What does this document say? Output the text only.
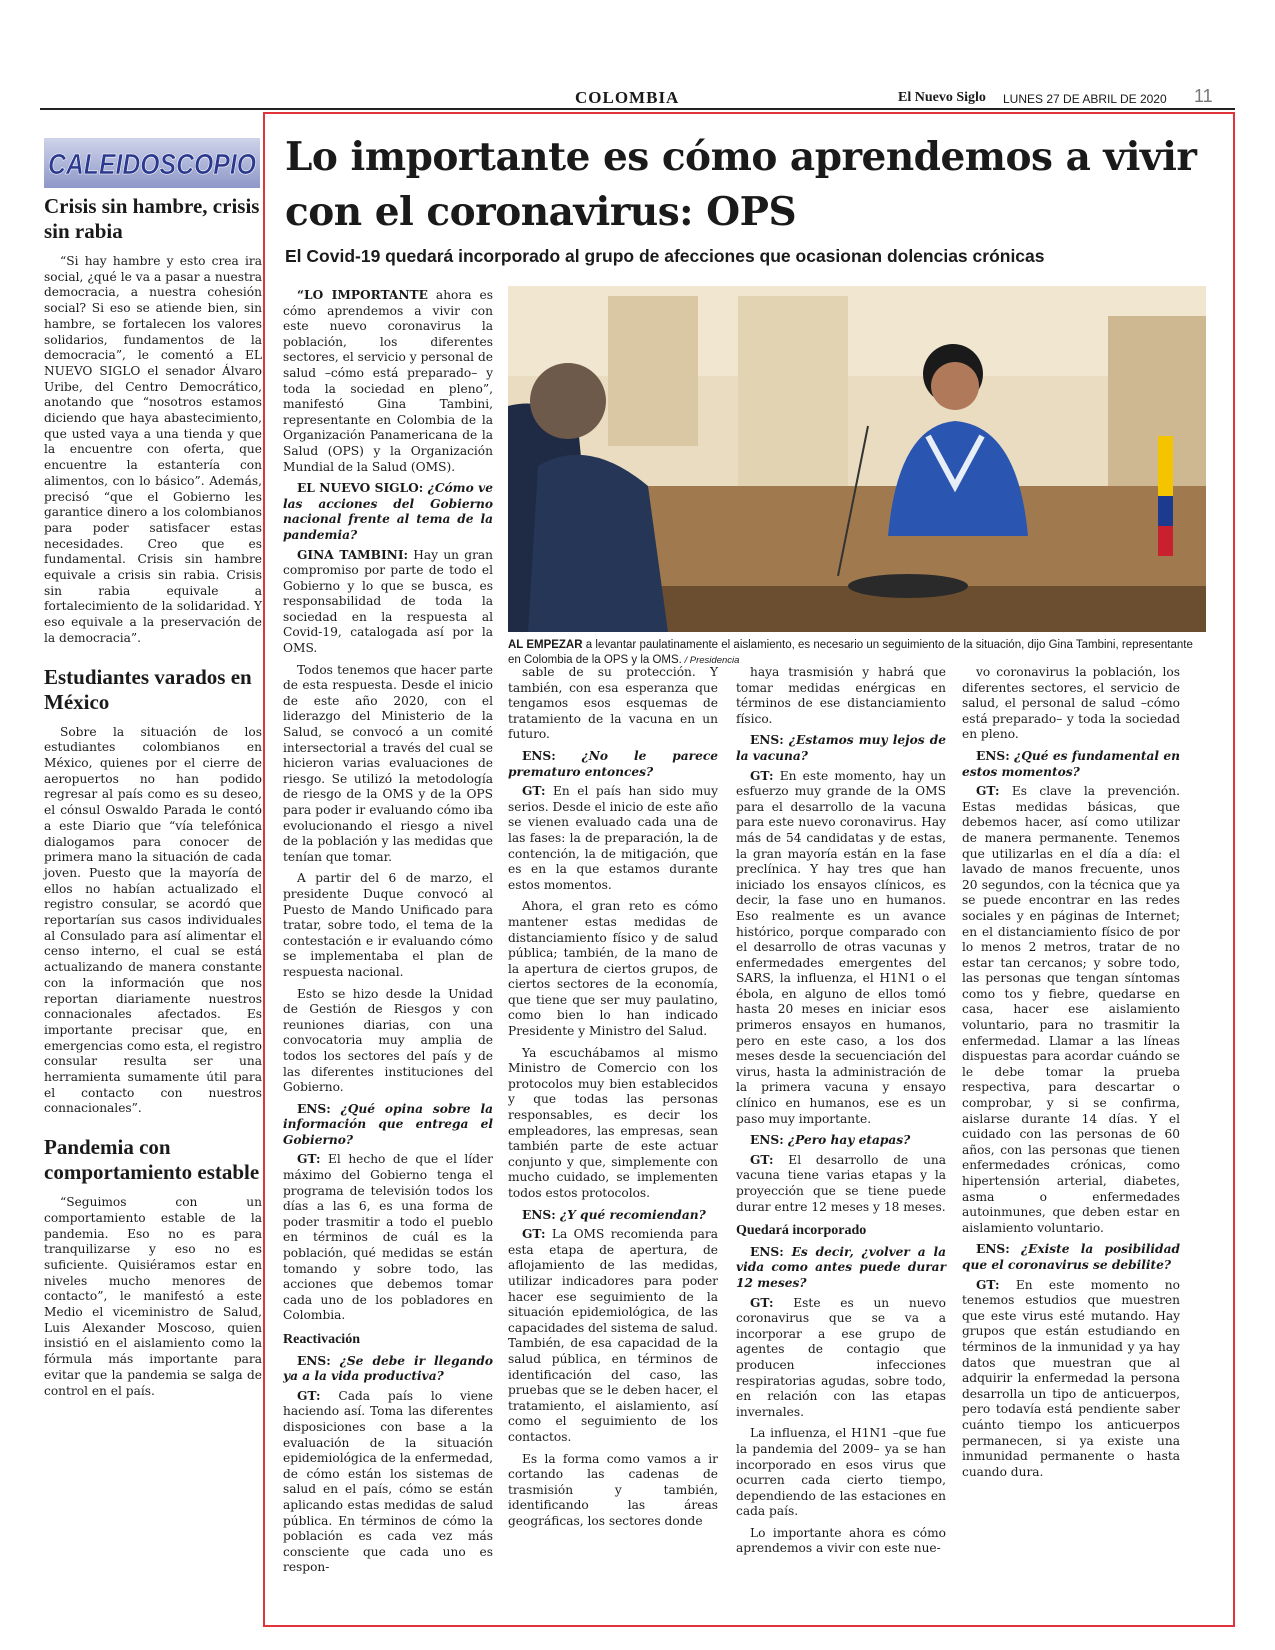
COLOMBIA	El Nuevo Siglo LUNES 27 DE ABRIL DE 2020 11
CALEIDOSCOPIO
Crisis sin hambre, crisis sin rabia

“Si hay hambre y esto crea ira social, ¿qué le va a pasar a nuestra democracia, a nuestra cohesión social? Si eso se atiende bien, sin hambre, se fortalecen los valores solidarios, fundamentos de la democracia”, le comentó a EL NUEVO SIGLO el senador Álvaro Uribe, del Centro Democrático, anotando que “nosotros estamos diciendo que haya abastecimiento, que usted vaya a una tienda y que la encuentre con oferta, que encuentre la estantería con alimentos, con lo básico”. Además, precisó “que el Gobierno les garantice dinero a los colombianos para poder satisfacer estas necesidades. Creo que es fundamental. Crisis sin hambre equivale a crisis sin rabia. Crisis sin rabia equivale a fortalecimiento de la solidaridad. Y eso equivale a la preservación de la democracia”.

Estudiantes varados en México

Sobre la situación de los estudiantes colombianos en México, quienes por el cierre de aeropuertos no han podido regresar al país como es su deseo, el cónsul Oswaldo Parada le contó a este Diario que “vía telefónica dialogamos para conocer de primera mano la situación de cada joven. Puesto que la mayoría de ellos no habían actualizado el registro consular, se acordó que reportarían sus casos individuales al Consulado para así alimentar el censo interno, el cual se está actualizando de manera constante con la información que nos reportan diariamente nuestros connacionales afectados. Es importante precisar que, en emergencias como esta, el registro consular resulta ser una herramienta sumamente útil para el contacto con nuestros connacionales”.

Pandemia con comportamiento estable

“Seguimos con un comportamiento estable de la pandemia. Eso no es para tranquilizarse y eso no es suficiente. Quisiéramos estar en niveles mucho menores de contacto”, le manifestó a este Medio el viceministro de Salud, Luis Alexander Moscoso, quien insistió en el aislamiento como la fórmula más importante para evitar que la pandemia se salga de control en el país.

Lo importante es cómo aprendemos a vivir con el coronavirus: OPS
El Covid-19 quedará incorporado al grupo de afecciones que ocasionan dolencias crónicas
AL EMPEZAR a levantar paulatinamente el aislamiento, es necesario un seguimiento de la situación, dijo Gina Tambini, representante en Colombia de la OPS y la OMS. / Presidencia

“LO IMPORTANTE ahora es cómo aprendemos a vivir con este nuevo coronavirus la población, los diferentes sectores, el servicio y personal de salud –cómo está preparado– y toda la sociedad en pleno”, manifestó Gina Tambini, representante en Colombia de la Organización Panamericana de la Salud (OPS) y la Organización Mundial de la Salud (OMS).

EL NUEVO SIGLO: ¿Cómo ve las acciones del Gobierno nacional frente al tema de la pandemia?

GINA TAMBINI: Hay un gran compromiso por parte de todo el Gobierno y lo que se busca, es responsabilidad de toda la sociedad en la respuesta al Covid-19, catalogada así por la OMS.

Todos tenemos que hacer parte de esta respuesta. Desde el inicio de este año 2020, con el liderazgo del Ministerio de la Salud, se convocó a un comité intersectorial a través del cual se hicieron varias evaluaciones de riesgo. Se utilizó la metodología de riesgo de la OMS y de la OPS para poder ir evaluando cómo iba evolucionando el riesgo a nivel de la población y las medidas que tenían que tomar.

A partir del 6 de marzo, el presidente Duque convocó al Puesto de Mando Unificado para tratar, sobre todo, el tema de la contestación e ir evaluando cómo se implementaba el plan de respuesta nacional.

Esto se hizo desde la Unidad de Gestión de Riesgos y con reuniones diarias, con una convocatoria muy amplia de todos los sectores del país y de las diferentes instituciones del Gobierno.

ENS: ¿Qué opina sobre la información que entrega el Gobierno?

GT: El hecho de que el líder máximo del Gobierno tenga el programa de televisión todos los días a las 6, es una forma de poder trasmitir a todo el pueblo en términos de cuál es la población, qué medidas se están tomando y sobre todo, las acciones que debemos tomar cada uno de los pobladores en Colombia.

Reactivación

ENS: ¿Se debe ir llegando ya a la vida productiva?

GT: Cada país lo viene haciendo así. Toma las diferentes disposiciones con base a la evaluación de la situación epidemiológica de la enfermedad, de cómo están los sistemas de salud en el país, cómo se están aplicando estas medidas de salud pública. En términos de cómo la población es cada vez más consciente que cada uno es respon-

sable de su protección. Y también, con esa esperanza que tengamos esos esquemas de tratamiento de la vacuna en un futuro.

ENS: ¿No le parece prematuro entonces?

GT: En el país han sido muy serios. Desde el inicio de este año se vienen evaluado cada una de las fases: la de preparación, la de contención, la de mitigación, que es en la que estamos durante estos momentos.

Ahora, el gran reto es cómo mantener estas medidas de distanciamiento físico y de salud pública; también, de la mano de la apertura de ciertos grupos, de ciertos sectores de la economía, que tiene que ser muy paulatino, como bien lo han indicado Presidente y Ministro del Salud.

Ya escuchábamos al mismo Ministro de Comercio con los protocolos muy bien establecidos y que todas las personas responsables, es decir los empleadores, las empresas, sean también parte de este actuar conjunto y que, simplemente con mucho cuidado, se implementen todos estos protocolos.

ENS: ¿Y qué recomiendan?

GT: La OMS recomienda para esta etapa de apertura, de aflojamiento de las medidas, utilizar indicadores para poder hacer ese seguimiento de la situación epidemiológica, de las capacidades del sistema de salud. También, de esa capacidad de la salud pública, en términos de identificación del caso, las pruebas que se le deben hacer, el tratamiento, el aislamiento, así como el seguimiento de los contactos.

Es la forma como vamos a ir cortando las cadenas de trasmisión y también, identificando las áreas geográficas, los sectores donde

haya trasmisión y habrá que tomar medidas enérgicas en términos de ese distanciamiento físico.

ENS: ¿Estamos muy lejos de la vacuna?

GT: En este momento, hay un esfuerzo muy grande de la OMS para el desarrollo de la vacuna para este nuevo coronavirus. Hay más de 54 candidatas y de estas, la gran mayoría están en la fase preclínica. Y hay tres que han iniciado los ensayos clínicos, es decir, la fase uno en humanos. Eso realmente es un avance histórico, porque comparado con el desarrollo de otras vacunas y enfermedades emergentes del SARS, la influenza, el H1N1 o el ébola, en alguno de ellos tomó hasta 20 meses en iniciar esos primeros ensayos en humanos, pero en este caso, a los dos meses desde la secuenciación del virus, hasta la administración de la primera vacuna y ensayo clínico en humanos, ese es un paso muy importante.

ENS: ¿Pero hay etapas?

GT: El desarrollo de una vacuna tiene varias etapas y la proyección que se tiene puede durar entre 12 meses y 18 meses.

Quedará incorporado

ENS: Es decir, ¿volver a la vida como antes puede durar 12 meses?

GT: Este es un nuevo coronavirus que se va a incorporar a ese grupo de agentes de contagio que producen infecciones respiratorias agudas, sobre todo, en relación con las etapas invernales.

La influenza, el H1N1 –que fue la pandemia del 2009– ya se han incorporado en esos virus que ocurren cada cierto tiempo, dependiendo de las estaciones en cada país.

Lo importante ahora es cómo aprendemos a vivir con este nue-

vo coronavirus la población, los diferentes sectores, el servicio de salud, el personal de salud –cómo está preparado– y toda la sociedad en pleno.

ENS: ¿Qué es fundamental en estos momentos?

GT: Es clave la prevención. Estas medidas básicas, que debemos hacer, así como utilizar de manera permanente. Tenemos que utilizarlas en el día a día: el lavado de manos frecuente, unos 20 segundos, con la técnica que ya se puede encontrar en las redes sociales y en páginas de Internet; en el distanciamiento físico de por lo menos 2 metros, tratar de no estar tan cercanos; y sobre todo, las personas que tengan síntomas como tos y fiebre, quedarse en casa, hacer ese aislamiento voluntario, para no trasmitir la enfermedad. Llamar a las líneas dispuestas para acordar cuándo se le debe tomar la prueba respectiva, para descartar o comprobar, y si se confirma, aislarse durante 14 días. Y el cuidado con las personas de 60 años, con las personas que tienen enfermedades crónicas, como hipertensión arterial, diabetes, asma o enfermedades autoinmunes, que deben estar en aislamiento voluntario.

ENS: ¿Existe la posibilidad que el coronavirus se debilite?

GT: En este momento no tenemos estudios que muestren que este virus esté mutando. Hay grupos que están estudiando en términos de la inmunidad y ya hay datos que muestran que al adquirir la enfermedad la persona desarrolla un tipo de anticuerpos, pero todavía está pendiente saber cuánto tiempo los anticuerpos permanecen, si ya existe una inmunidad permanente o hasta cuando dura.
